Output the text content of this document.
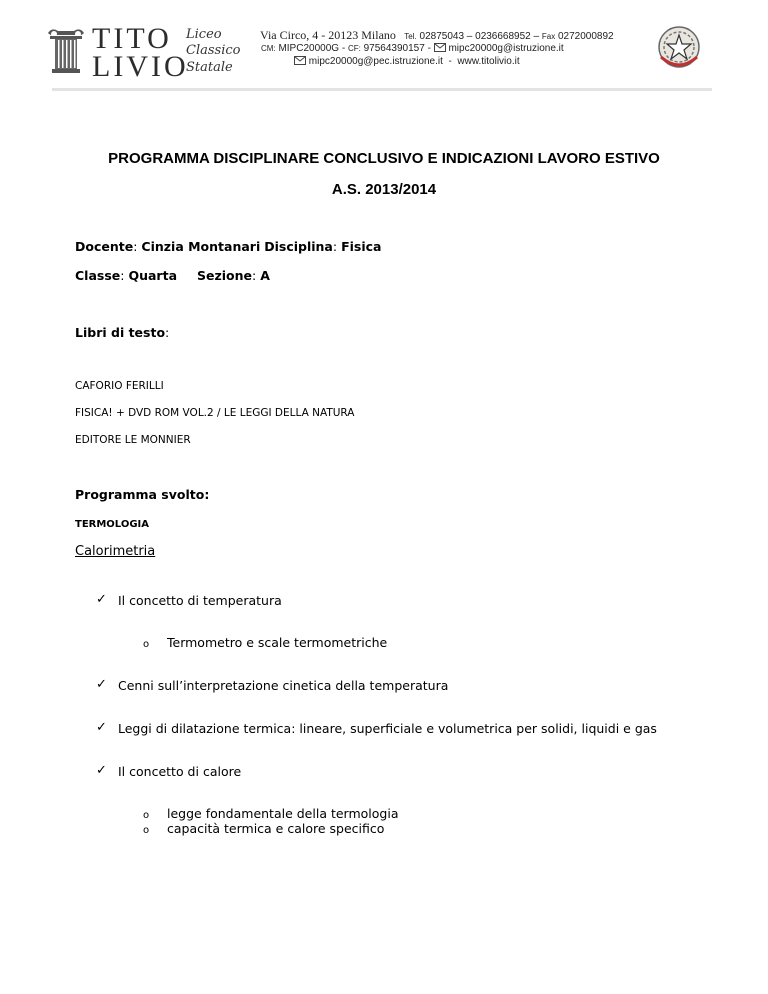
TITO
LIVIO
Liceo
Classico
Statale
Via Circo, 4 - 20123 Milano Tel. 02875043 – 0236668952 – Fax 0272000892
CM: MIPC20000G - CF: 97564390157 - mipc20000g@istruzione.it
mipc20000g@pec.istruzione.it - www.titolivio.it
PROGRAMMA DISCIPLINARE CONCLUSIVO E INDICAZIONI LAVORO ESTIVO
A.S. 2013/2014
Docente: Cinzia Montanari Disciplina: Fisica
Classe: Quarta Sezione: A
Libri di testo:
CAFORIO FERILLI
FISICA! + DVD ROM VOL.2 / LE LEGGI DELLA NATURA
EDITORE LE MONNIER
Programma svolto:
TERMOLOGIA
Calorimetria
✓ Il concetto di temperatura
o Termometro e scale termometriche
✓ Cenni sull’interpretazione cinetica della temperatura
✓ Leggi di dilatazione termica: lineare, superficiale e volumetrica per solidi, liquidi e gas
✓ Il concetto di calore
o legge fondamentale della termologia
o capacità termica e calore specifico
